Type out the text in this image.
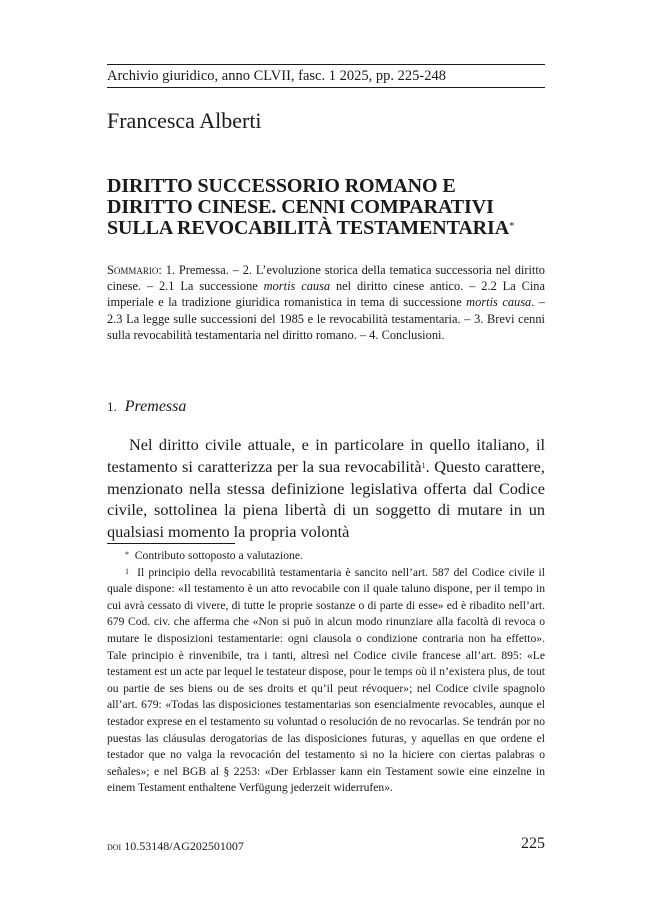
Archivio giuridico, anno CLVII, fasc. 1 2025, pp. 225-248
Francesca Alberti
DIRITTO SUCCESSORIO ROMANO E
DIRITTO CINESE. CENNI COMPARATIVI
SULLA REVOCABILITÀ TESTAMENTARIA*
Sommario: 1. Premessa. – 2. L’evoluzione storica della tematica successoria nel diritto cinese. – 2.1 La successione mortis causa nel diritto cinese antico. – 2.2 La Cina imperiale e la tradizione giuridica romanistica in tema di successione mortis causa. – 2.3 La legge sulle successioni del 1985 e le revocabilità testamentaria. – 3. Brevi cenni sulla revocabilità testamentaria nel diritto romano. – 4. Conclusioni.
1. Premessa

Nel diritto civile attuale, e in particolare in quello italiano, il testamento si caratterizza per la sua revocabilità$^1$. Questo carattere, menzionato nella stessa definizione legislativa offerta dal Codice civile, sottolinea la piena libertà di un soggetto di mutare in un qualsiasi momento la propria volontà

* Contributo sottoposto a valutazione.

$^1$ Il principio della revocabilità testamentaria è sancito nell’art. 587 del Codice civile il quale dispone: «Il testamento è un atto revocabile con il quale taluno dispone, per il tempo in cui avrà cessato di vivere, di tutte le proprie sostanze o di parte di esse» ed è ribadito nell’art. 679 Cod. civ. che afferma che «Non si può in alcun modo rinunziare alla facoltà di revoca o mutare le disposizioni testamentarie: ogni clausola o condizione contraria non ha effetto». Tale principio è rinvenibile, tra i tanti, altresì nel Codice civile francese all’art. 895: «Le testament est un acte par lequel le testateur dispose, pour le temps où il n’existera plus, de tout ou partie de ses biens ou de ses droits et qu’il peut révoquer»; nel Codice civile spagnolo all’art. 679: «Todas las disposiciones testamentarias son esencialmente revocables, aunque el testador exprese en el testamento su voluntad o resolución de no revocarlas. Se tendrán por no puestas las cláusulas derogatorias de las disposiciones futuras, y aquellas en que ordene el testador que no valga la revocación del testamento si no la hiciere con ciertas palabras o señales»; e nel BGB al § 2253: «Der Erblasser kann ein Testament sowie eine einzelne in einem Testament enthaltene Verfügung jederzeit widerrufen».

doi 10.53148/AG202501007	225
